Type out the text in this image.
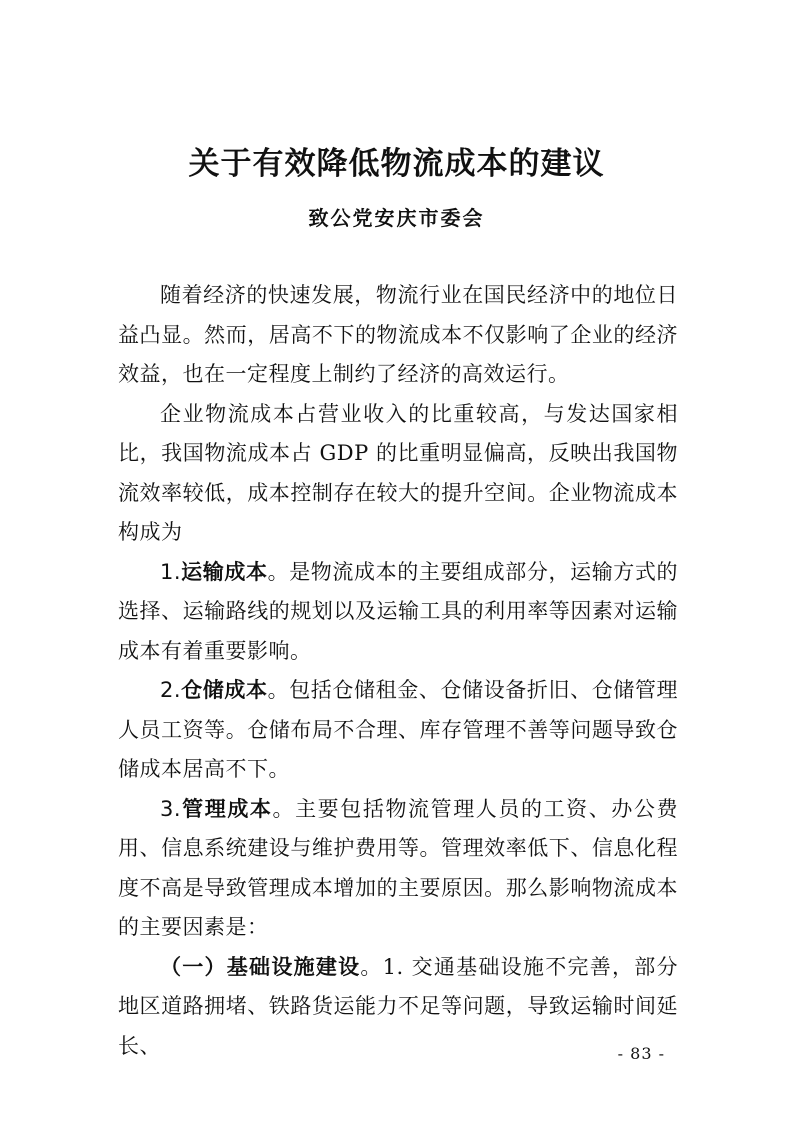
关于有效降低物流成本的建议
致公党安庆市委会

随着经济的快速发展，物流行业在国民经济中的地位日益凸显。然而，居高不下的物流成本不仅影响了企业的经济效益，也在一定程度上制约了经济的高效运行。

企业物流成本占营业收入的比重较高，与发达国家相比，我国物流成本占 GDP 的比重明显偏高，反映出我国物流效率较低，成本控制存在较大的提升空间。企业物流成本构成为

1.运输成本。是物流成本的主要组成部分，运输方式的选择、运输路线的规划以及运输工具的利用率等因素对运输成本有着重要影响。

2.仓储成本。包括仓储租金、仓储设备折旧、仓储管理人员工资等。仓储布局不合理、库存管理不善等问题导致仓储成本居高不下。

3.管理成本。主要包括物流管理人员的工资、办公费用、信息系统建设与维护费用等。管理效率低下、信息化程度不高是导致管理成本增加的主要原因。那么影响物流成本的主要因素是：

（一）基础设施建设。1. 交通基础设施不完善，部分地区道路拥堵、铁路货运能力不足等问题，导致运输时间延长、	- 83 -
